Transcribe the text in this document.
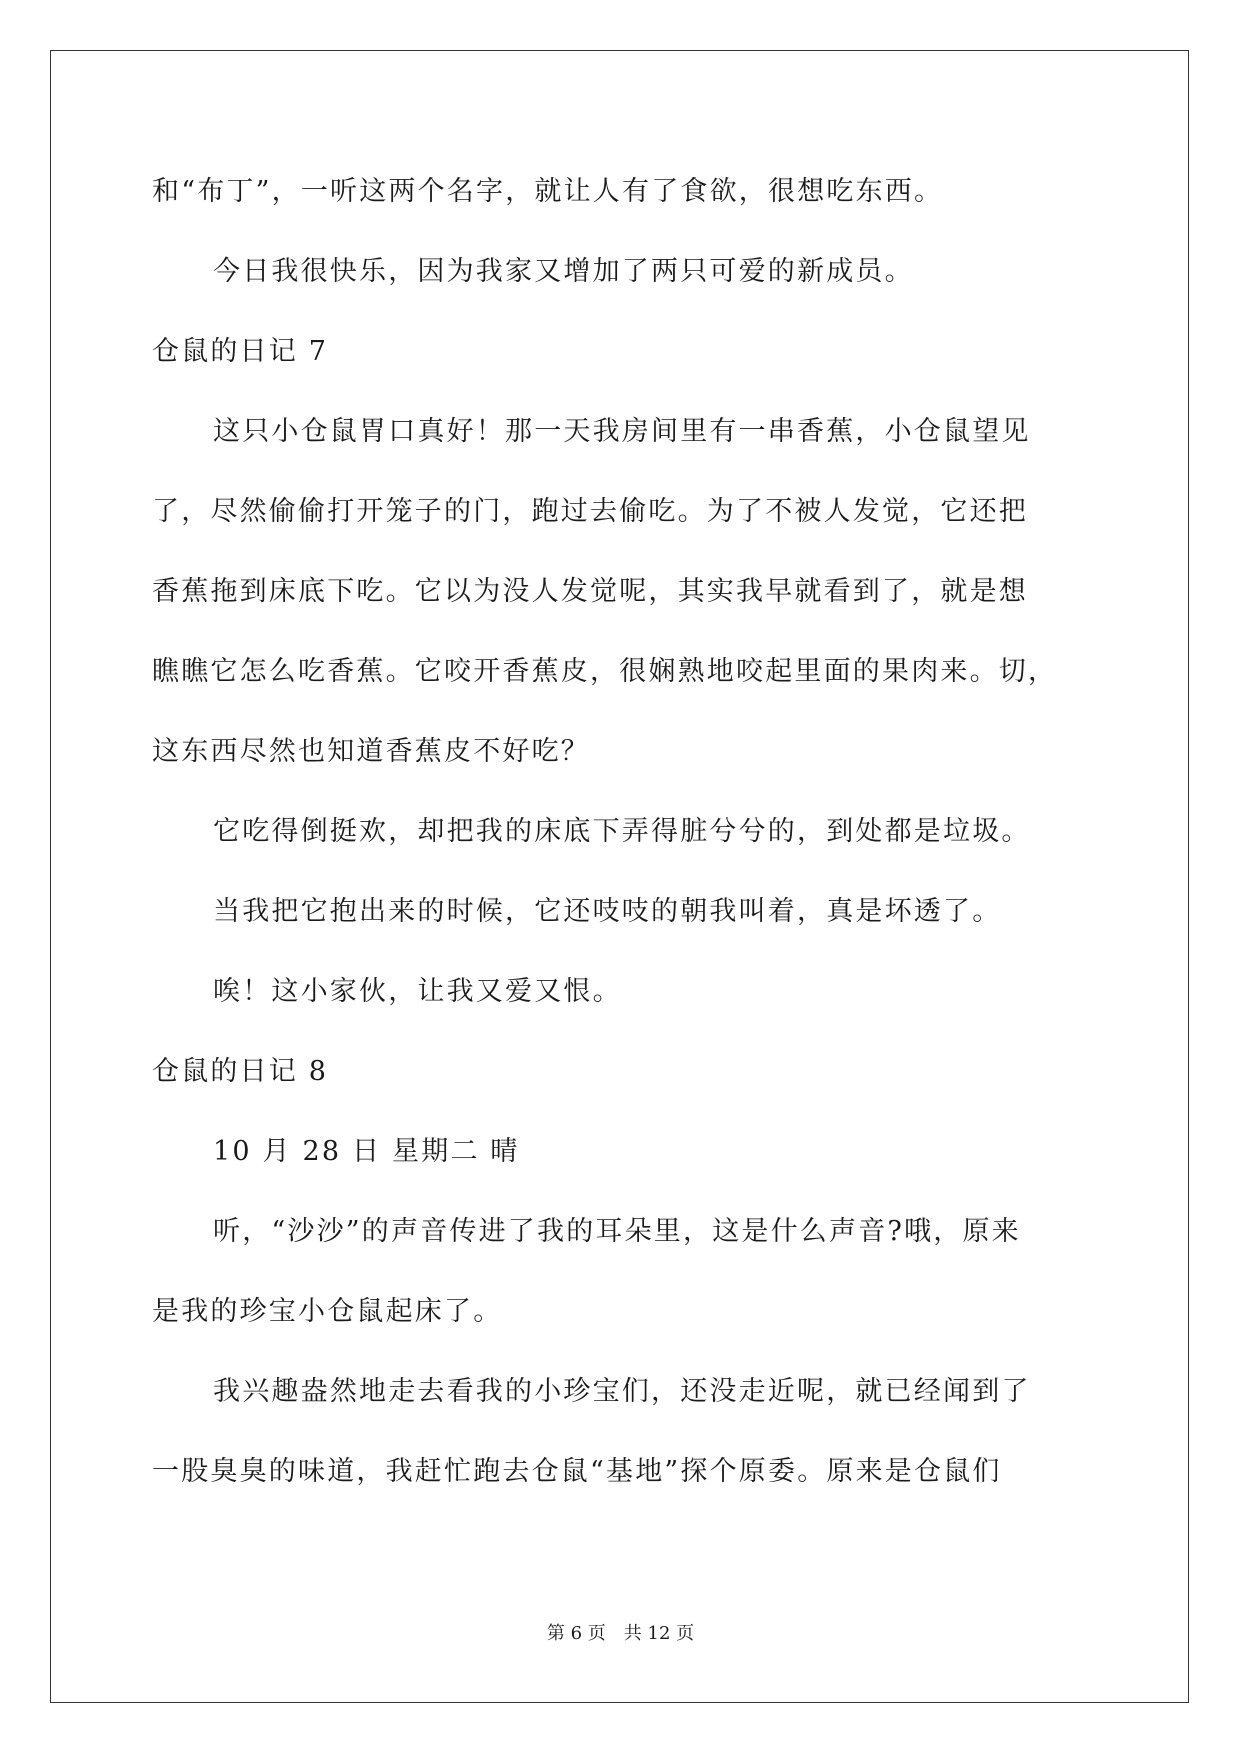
和“布丁”，一听这两个名字，就让人有了食欲，很想吃东西。
今日我很快乐，因为我家又增加了两只可爱的新成员。
仓鼠的日记 7
这只小仓鼠胃口真好！那一天我房间里有一串香蕉，小仓鼠望见
了，尽然偷偷打开笼子的门，跑过去偷吃。为了不被人发觉，它还把
香蕉拖到床底下吃。它以为没人发觉呢，其实我早就看到了，就是想
瞧瞧它怎么吃香蕉。它咬开香蕉皮，很娴熟地咬起里面的果肉来。切，
这东西尽然也知道香蕉皮不好吃？
它吃得倒挺欢，却把我的床底下弄得脏兮兮的，到处都是垃圾。
当我把它抱出来的时候，它还吱吱的朝我叫着，真是坏透了。
唉！这小家伙，让我又爱又恨。
仓鼠的日记 8
10 月 28 日 星期二 晴
听，“沙沙”的声音传进了我的耳朵里，这是什么声音?哦，原来
是我的珍宝小仓鼠起床了。
我兴趣盎然地走去看我的小珍宝们，还没走近呢，就已经闻到了
一股臭臭的味道，我赶忙跑去仓鼠“基地”探个原委。原来是仓鼠们
第 6 页　共 12 页
